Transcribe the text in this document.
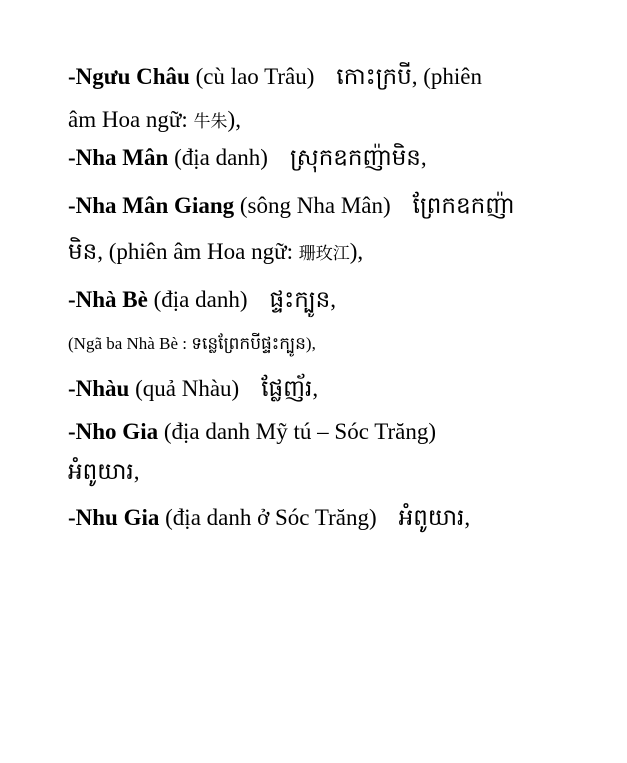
-Ngưu Châu (cù lao Trâu) កោះក្របី, (phiên
âm Hoa ngữ: 牛朱),
-Nha Mân (địa danh) ស្រុកឧកញ៉ាមិន,
-Nha Mân Giang (sông Nha Mân) ព្រែកឧកញ៉ា
មិន, (phiên âm Hoa ngữ: 珊玫江),
-Nhà Bè (địa danh) ផ្ទះក្បូន,
(Ngã ba Nhà Bè : ទន្លេព្រែកបីផ្ទះក្បូន),
-Nhàu (quả Nhàu) ផ្លែញ័រ,
-Nho Gia (địa danh Mỹ tú – Sóc Trăng)
អំពូយារ,
-Nhu Gia (địa danh ở Sóc Trăng) អំពូយារ,
